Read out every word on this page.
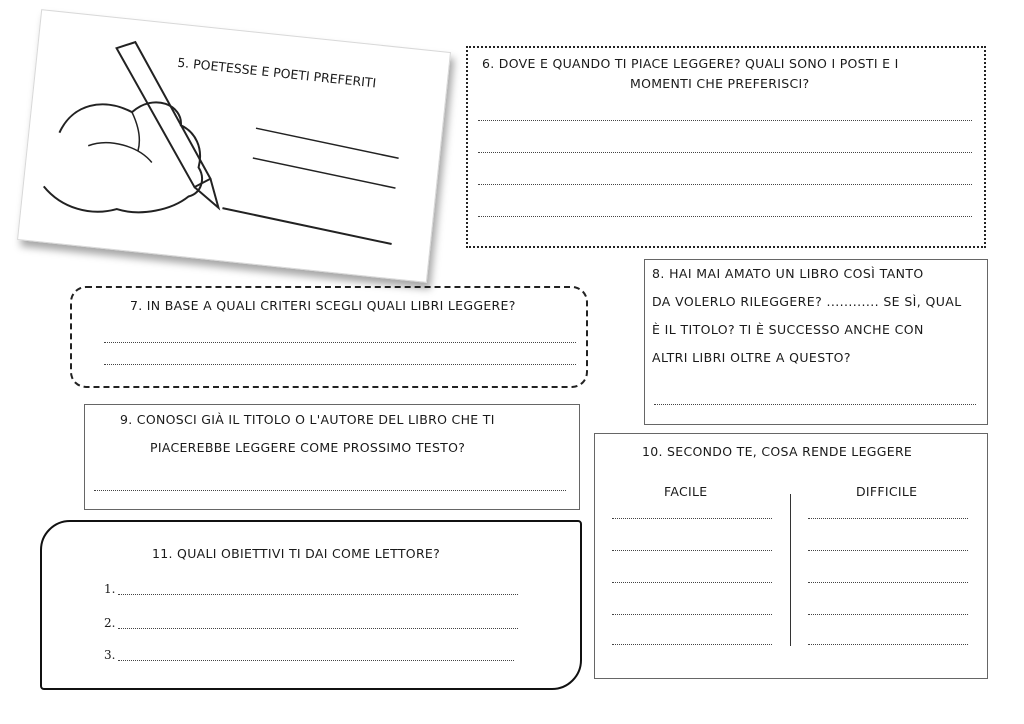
5. POETESSE E POETI PREFERITI	6. DOVE E QUANDO TI PIACE LEGGERE? QUALI SONO I POSTI E I
MOMENTI CHE PREFERISCI?
7. IN BASE A QUALI CRITERI SCEGLI QUALI LIBRI LEGGERE?
8. HAI MAI AMATO UN LIBRO COSÌ TANTO
DA VOLERLO RILEGGERE? ............ SE SÌ, QUAL
È IL TITOLO? TI È SUCCESSO ANCHE CON
ALTRI LIBRI OLTRE A QUESTO?
9. CONOSCI GIÀ IL TITOLO O L'AUTORE DEL LIBRO CHE TI
PIACEREBBE LEGGERE COME PROSSIMO TESTO?	10. SECONDO TE, COSA RENDE LEGGERE
FACILE	DIFFICILE
11. QUALI OBIETTIVI TI DAI COME LETTORE?
1.
2.
3.
